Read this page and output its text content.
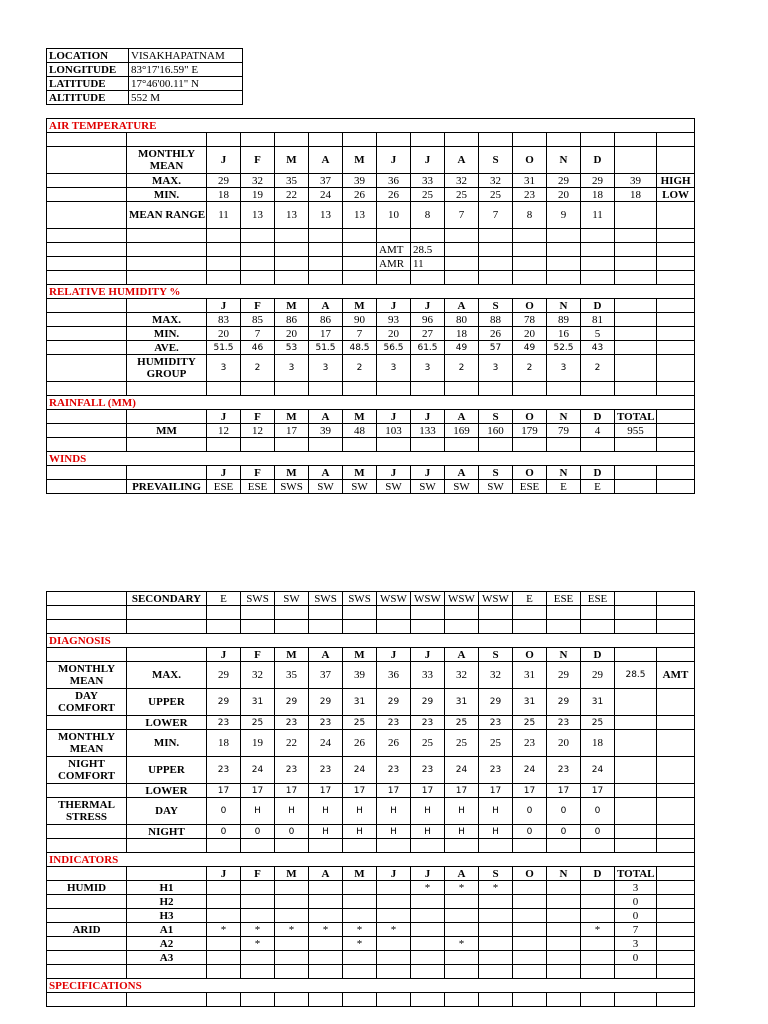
LOCATION	VISAKHAPATNAM
LONGITUDE	83°17'16.59" E
LATITUDE	17°46'00.11" N
ALTITUDE	552 M
AIR TEMPERATURE															

	MONTHLY MEAN	J	F	M	A	M	J	J	A	S	O	N	D		
	MAX.	29	32	35	37	39	36	33	32	32	31	29	29	39	HIGH
	MIN.	18	19	22	24	26	26	25	25	25	23	20	18	18	LOW
	MEAN RANGE	11	13	13	13	13	10	8	7	7	8	9	11		

							AMT	28.5							
							AMR	11							

RELATIVE HUMIDITY %															
		J	F	M	A	M	J	J	A	S	O	N	D		
	MAX.	83	85	86	86	90	93	96	80	88	78	89	81		
	MIN.	20	7	20	17	7	20	27	18	26	20	16	5		
	AVE.	51.5	46	53	51.5	48.5	56.5	61.5	49	57	49	52.5	43		
	HUMIDITY GROUP	3	2	3	3	2	3	3	2	3	2	3	2		

RAINFALL (MM)															
		J	F	M	A	M	J	J	A	S	O	N	D	TOTAL	
	MM	12	12	17	39	48	103	133	169	160	179	79	4	955	

WINDS															
		J	F	M	A	M	J	J	A	S	O	N	D		
	PREVAILING	ESE	ESE	SWS	SW	SW	SW	SW	SW	SW	ESE	E	E		
	SECONDARY	E	SWS	SW	SWS	SWS	WSW	WSW	WSW	WSW	E	ESE	ESE		

DIAGNOSIS															
		J	F	M	A	M	J	J	A	S	O	N	D		
MONTHLY MEAN	MAX.	29	32	35	37	39	36	33	32	32	31	29	29	28.5	AMT
DAY COMFORT	UPPER	29	31	29	29	31	29	29	31	29	31	29	31		
	LOWER	23	25	23	23	25	23	23	25	23	25	23	25		
MONTHLY MEAN	MIN.	18	19	22	24	26	26	25	25	25	23	20	18		
NIGHT COMFORT	UPPER	23	24	23	23	24	23	23	24	23	24	23	24		
	LOWER	17	17	17	17	17	17	17	17	17	17	17	17		
THERMAL STRESS	DAY	0	H	H	H	H	H	H	H	H	0	0	0		
	NIGHT	0	0	0	H	H	H	H	H	H	0	0	0		

INDICATORS															
		J	F	M	A	M	J	J	A	S	O	N	D	TOTAL	
HUMID	H1							*	*	*				3	
	H2													0	
	H3													0	
ARID	A1	*	*	*	*	*	*						*	7	
	A2		*			*			*					3	
	A3													0	

SPECIFICATIONS															
